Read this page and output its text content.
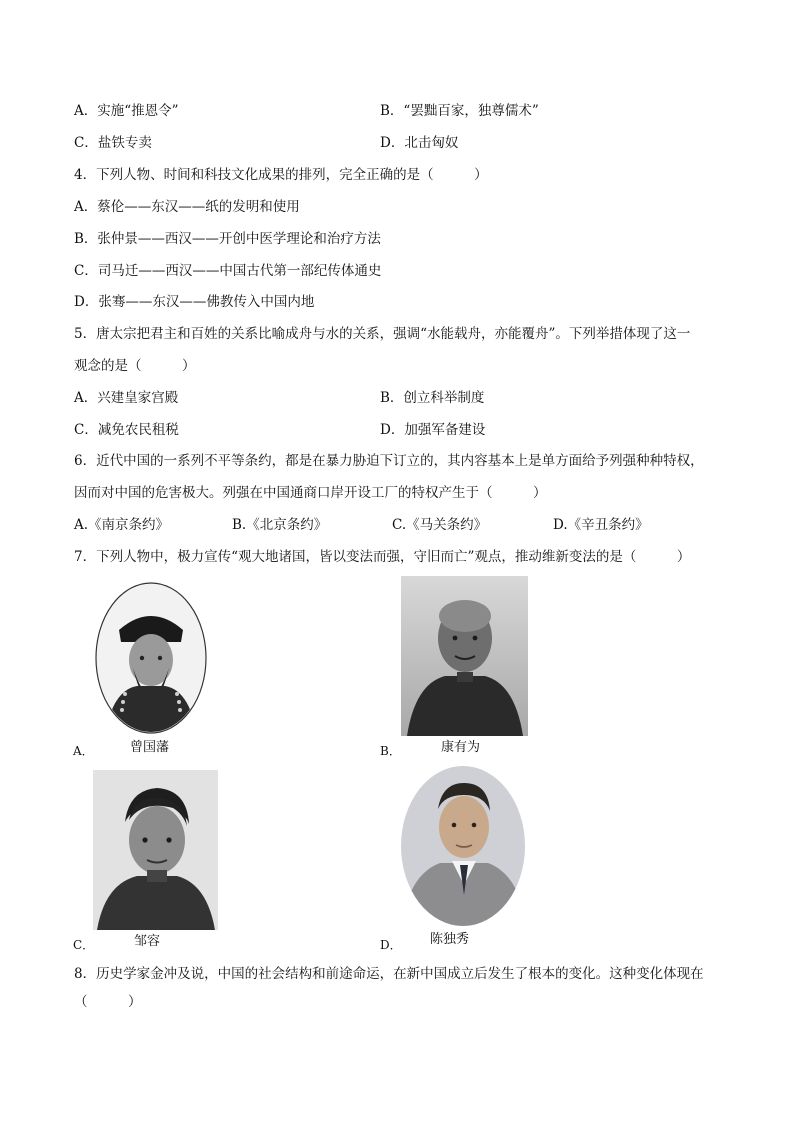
A．实施“推恩令”	B．“罢黜百家，独尊儒术”
C．盐铁专卖	D．北击匈奴
4．下列人物、时间和科技文化成果的排列，完全正确的是（　　　）
A．蔡伦——东汉——纸的发明和使用
B．张仲景——西汉——开创中医学理论和治疗方法
C．司马迁——西汉——中国古代第一部纪传体通史
D．张骞——东汉——佛教传入中国内地
5．唐太宗把君主和百姓的关系比喻成舟与水的关系，强调“水能载舟，亦能覆舟”。下列举措体现了这一
观念的是（　　　）
A．兴建皇家宫殿	B．创立科举制度
C．减免农民租税	D．加强军备建设
6．近代中国的一系列不平等条约，都是在暴力胁迫下订立的，其内容基本上是单方面给予列强种种特权，
因而对中国的危害极大。列强在中国通商口岸开设工厂的特权产生于（　　　）
A.《南京条约》	B.《北京条约》	C.《马关条约》	D.《辛丑条约》
7．下列人物中，极力宣传“观大地诸国，皆以变法而强，守旧而亡”观点，推动维新变法的是（　　　）
A．	曾国藩	B．	康有为
C．	邹容	D． 陈独秀
8．历史学家金冲及说，中国的社会结构和前途命运，在新中国成立后发生了根本的变化。这种变化体现在
（　　　）
